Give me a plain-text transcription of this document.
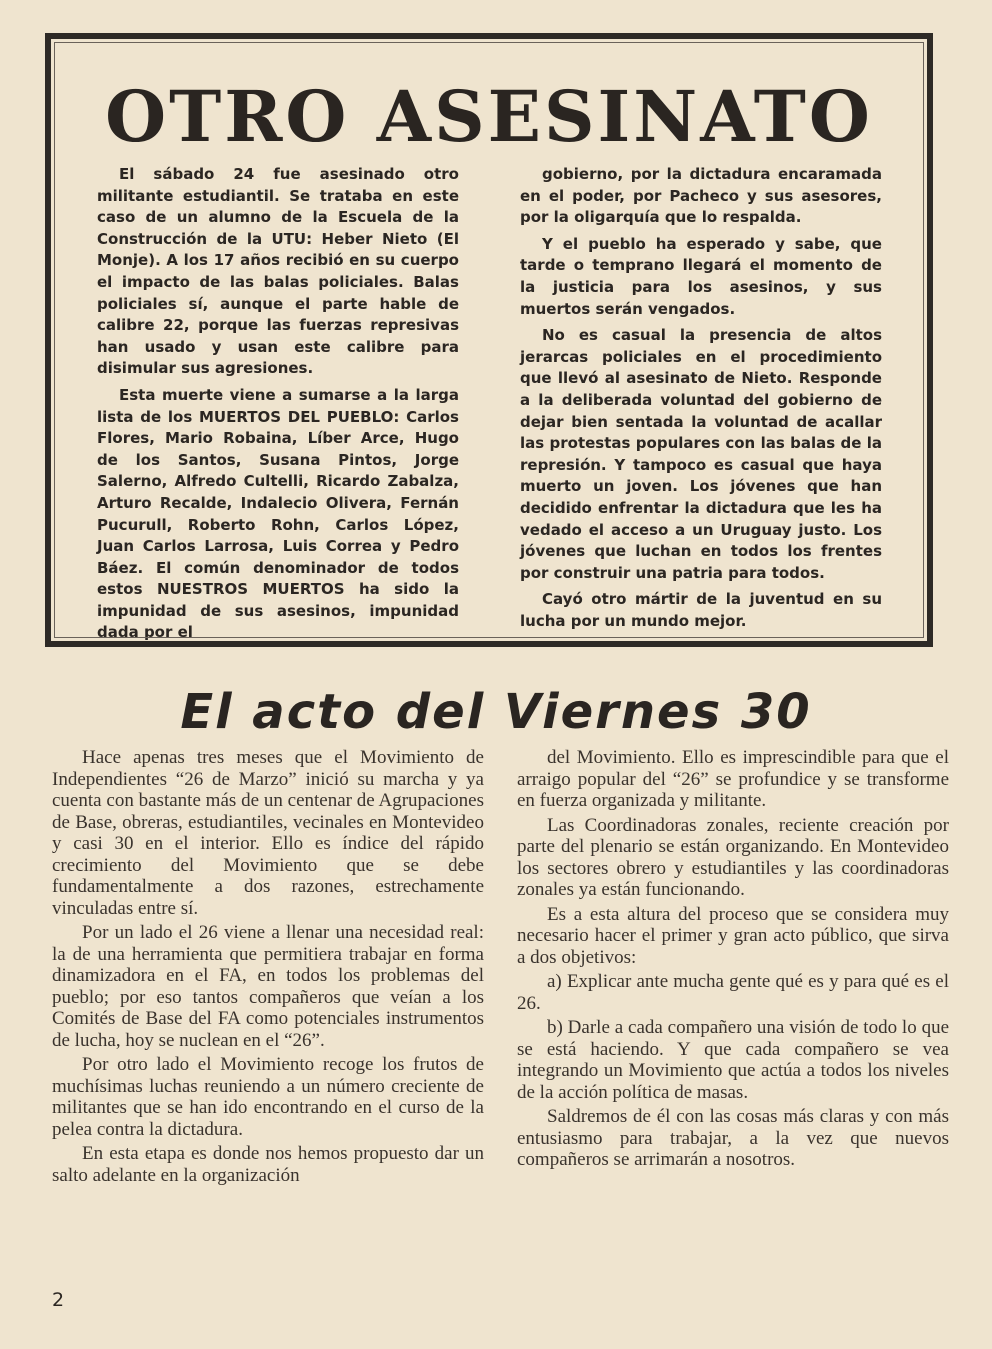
OTRO ASESINATO

El sábado 24 fue asesinado otro militante estudiantil. Se trataba en este caso de un alumno de la Escuela de la Construcción de la UTU: Heber Nieto (El Monje). A los 17 años recibió en su cuerpo el impacto de las balas policiales. Balas policiales sí, aunque el parte hable de calibre 22, porque las fuerzas represivas han usado y usan este calibre para disimular sus agresiones.

Esta muerte viene a sumarse a la larga lista de los MUERTOS DEL PUEBLO: Carlos Flores, Mario Robaina, Líber Arce, Hugo de los Santos, Susana Pintos, Jorge Salerno, Alfredo Cultelli, Ricardo Zabalza, Arturo Recalde, Indalecio Olivera, Fernán Pucurull, Roberto Rohn, Carlos López, Juan Carlos Larrosa, Luis Correa y Pedro Báez. El común denominador de todos estos NUESTROS MUERTOS ha sido la impunidad de sus asesinos, impunidad dada por el

gobierno, por la dictadura encaramada en el poder, por Pacheco y sus asesores, por la oligarquía que lo respalda.

Y el pueblo ha esperado y sabe, que tarde o temprano llegará el momento de la justicia para los asesinos, y sus muertos serán vengados.

No es casual la presencia de altos jerarcas policiales en el procedimiento que llevó al asesinato de Nieto. Responde a la deliberada voluntad del gobierno de dejar bien sentada la voluntad de acallar las protestas populares con las balas de la represión. Y tampoco es casual que haya muerto un joven. Los jóvenes que han decidido enfrentar la dictadura que les ha vedado el acceso a un Uruguay justo. Los jóvenes que luchan en todos los frentes por construir una patria para todos.

Cayó otro mártir de la juventud en su lucha por un mundo mejor.

El acto del Viernes 30

Hace apenas tres meses que el Movimiento de Independientes “26 de Marzo” inició su marcha y ya cuenta con bastante más de un centenar de Agrupaciones de Base, obreras, estudiantiles, vecinales en Montevideo y casi 30 en el interior. Ello es índice del rápido crecimiento del Movimiento que se debe fundamentalmente a dos razones, estrechamente vinculadas entre sí.

Por un lado el 26 viene a llenar una necesidad real: la de una herramienta que permitiera trabajar en forma dinamizadora en el FA, en todos los problemas del pueblo; por eso tantos compañeros que veían a los Comités de Base del FA como potenciales instrumentos de lucha, hoy se nuclean en el “26”.

Por otro lado el Movimiento recoge los frutos de muchísimas luchas reuniendo a un número creciente de militantes que se han ido encontrando en el curso de la pelea contra la dictadura.

En esta etapa es donde nos hemos propuesto dar un salto adelante en la organización

del Movimiento. Ello es imprescindible para que el arraigo popular del “26” se profundice y se transforme en fuerza organizada y militante.

Las Coordinadoras zonales, reciente creación por parte del plenario se están organizando. En Montevideo los sectores obrero y estudiantiles y las coordinadoras zonales ya están funcionando.

Es a esta altura del proceso que se considera muy necesario hacer el primer y gran acto público, que sirva a dos objetivos:

a) Explicar ante mucha gente qué es y para qué es el 26.

b) Darle a cada compañero una visión de todo lo que se está haciendo. Y que cada compañero se vea integrando un Movimiento que actúa a todos los niveles de la acción política de masas.

Saldremos de él con las cosas más claras y con más entusiasmo para trabajar, a la vez que nuevos compañeros se arrimarán a nosotros.

2
